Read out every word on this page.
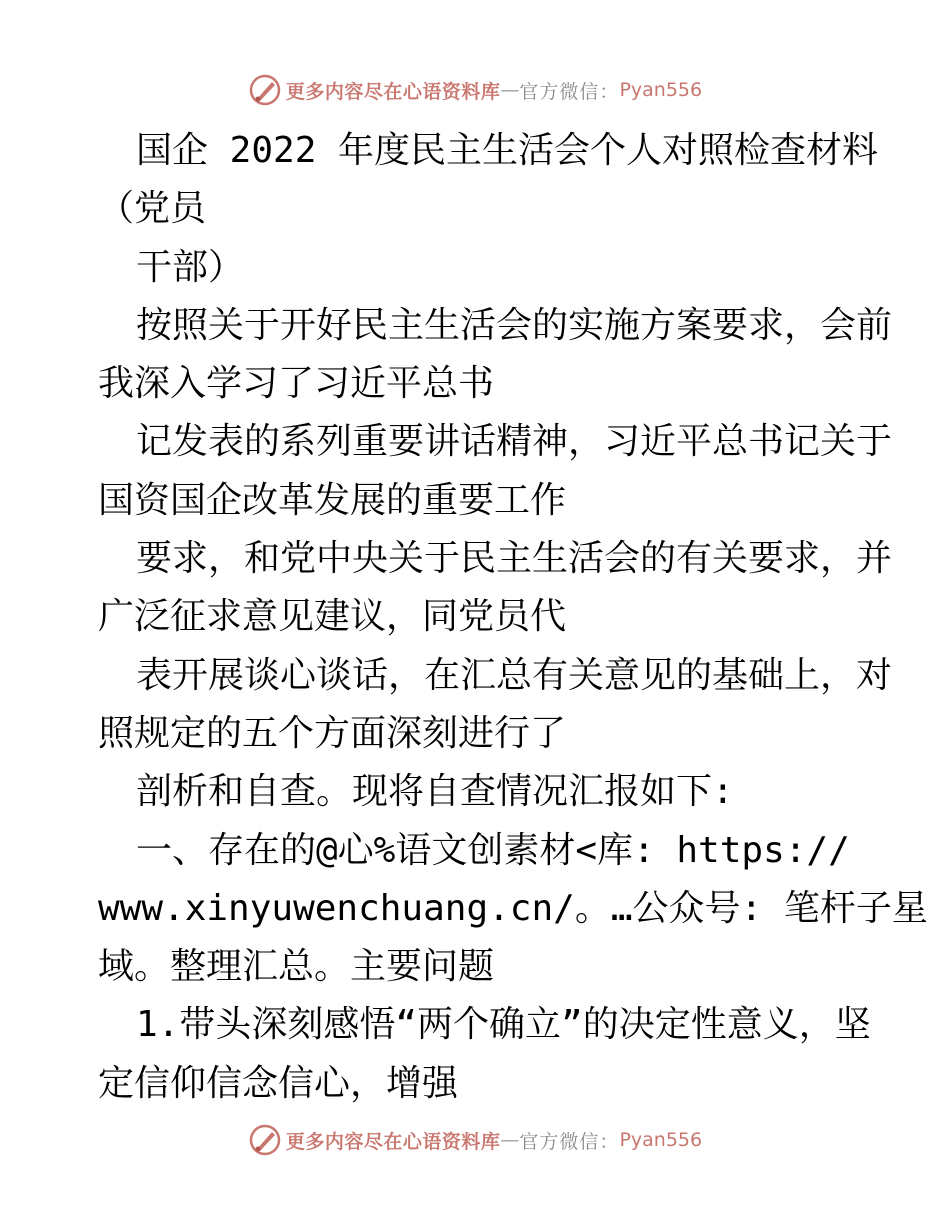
更多内容尽在心语资料库 — 官方微信： Pyan556
国企 2022 年度民主生活会个人对照检查材料
（党员
干部）
按照关于开好民主生活会的实施方案要求，会前
我深入学习了习近平总书
记发表的系列重要讲话精神，习近平总书记关于
国资国企改革发展的重要工作
要求，和党中央关于民主生活会的有关要求，并
广泛征求意见建议，同党员代
表开展谈心谈话，在汇总有关意见的基础上，对
照规定的五个方面深刻进行了
剖析和自查。现将自查情况汇报如下:
一、存在的@心%语文创素材<库: https://
www.xinyuwenchuang.cn/。…公众号: 笔杆子星
域。整理汇总。主要问题
1.带头深刻感悟“两个确立”的决定性意义，坚
定信仰信念信心，增强
更多内容尽在心语资料库 — 官方微信： Pyan556
